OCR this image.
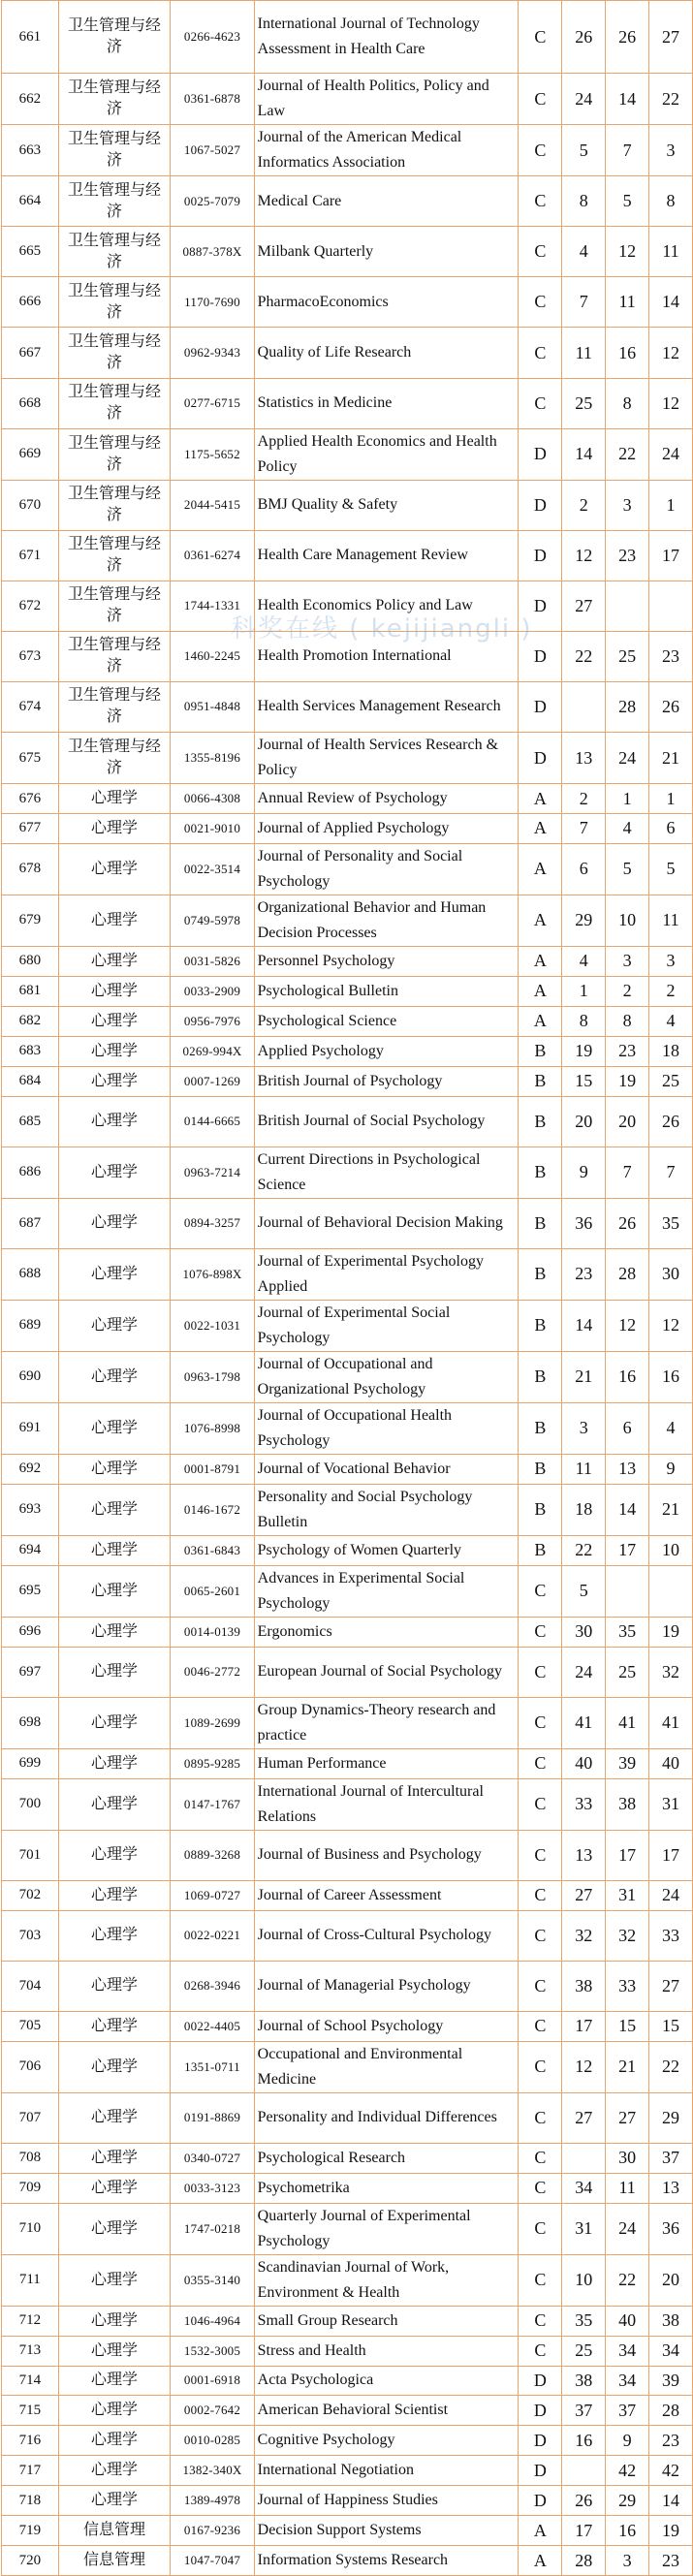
661	卫生管理与经济	0266-4623	International Journal of Technology Assessment in Health Care	C	26	26	27
662	卫生管理与经济	0361-6878	Journal of Health Politics, Policy and Law	C	24	14	22
663	卫生管理与经济	1067-5027	Journal of the American Medical Informatics Association	C	5	7	3
664	卫生管理与经济	0025-7079	Medical Care	C	8	5	8
665	卫生管理与经济	0887-378X	Milbank Quarterly	C	4	12	11
666	卫生管理与经济	1170-7690	PharmacoEconomics	C	7	11	14
667	卫生管理与经济	0962-9343	Quality of Life Research	C	11	16	12
668	卫生管理与经济	0277-6715	Statistics in Medicine	C	25	8	12
669	卫生管理与经济	1175-5652	Applied Health Economics and Health Policy	D	14	22	24
670	卫生管理与经济	2044-5415	BMJ Quality & Safety	D	2	3	1
671	卫生管理与经济	0361-6274	Health Care Management Review	D	12	23	17
672	卫生管理与经济	1744-1331	Health Economics Policy and Law	D	27		
673	卫生管理与经济	1460-2245	Health Promotion International	D	22	25	23
674	卫生管理与经济	0951-4848	Health Services Management Research	D		28	26
675	卫生管理与经济	1355-8196	Journal of Health Services Research & Policy	D	13	24	21
676	心理学	0066-4308	Annual Review of Psychology	A	2	1	1
677	心理学	0021-9010	Journal of Applied Psychology	A	7	4	6
678	心理学	0022-3514	Journal of Personality and Social Psychology	A	6	5	5
679	心理学	0749-5978	Organizational Behavior and Human Decision Processes	A	29	10	11
680	心理学	0031-5826	Personnel Psychology	A	4	3	3
681	心理学	0033-2909	Psychological Bulletin	A	1	2	2
682	心理学	0956-7976	Psychological Science	A	8	8	4
683	心理学	0269-994X	Applied Psychology	B	19	23	18
684	心理学	0007-1269	British Journal of Psychology	B	15	19	25
685	心理学	0144-6665	British Journal of Social Psychology	B	20	20	26
686	心理学	0963-7214	Current Directions in Psychological Science	B	9	7	7
687	心理学	0894-3257	Journal of Behavioral Decision Making	B	36	26	35
688	心理学	1076-898X	Journal of Experimental Psychology Applied	B	23	28	30
689	心理学	0022-1031	Journal of Experimental Social Psychology	B	14	12	12
690	心理学	0963-1798	Journal of Occupational and Organizational Psychology	B	21	16	16
691	心理学	1076-8998	Journal of Occupational Health Psychology	B	3	6	4
692	心理学	0001-8791	Journal of Vocational Behavior	B	11	13	9
693	心理学	0146-1672	Personality and Social Psychology Bulletin	B	18	14	21
694	心理学	0361-6843	Psychology of Women Quarterly	B	22	17	10
695	心理学	0065-2601	Advances in Experimental Social Psychology	C	5		
696	心理学	0014-0139	Ergonomics	C	30	35	19
697	心理学	0046-2772	European Journal of Social Psychology	C	24	25	32
698	心理学	1089-2699	Group Dynamics-Theory research and practice	C	41	41	41
699	心理学	0895-9285	Human Performance	C	40	39	40
700	心理学	0147-1767	International Journal of Intercultural Relations	C	33	38	31
701	心理学	0889-3268	Journal of Business and Psychology	C	13	17	17
702	心理学	1069-0727	Journal of Career Assessment	C	27	31	24
703	心理学	0022-0221	Journal of Cross-Cultural Psychology	C	32	32	33
704	心理学	0268-3946	Journal of Managerial Psychology	C	38	33	27
705	心理学	0022-4405	Journal of School Psychology	C	17	15	15
706	心理学	1351-0711	Occupational and Environmental Medicine	C	12	21	22
707	心理学	0191-8869	Personality and Individual Differences	C	27	27	29
708	心理学	0340-0727	Psychological Research	C		30	37
709	心理学	0033-3123	Psychometrika	C	34	11	13
710	心理学	1747-0218	Quarterly Journal of Experimental Psychology	C	31	24	36
711	心理学	0355-3140	Scandinavian Journal of Work, Environment & Health	C	10	22	20
712	心理学	1046-4964	Small Group Research	C	35	40	38
713	心理学	1532-3005	Stress and Health	C	25	34	34
714	心理学	0001-6918	Acta Psychologica	D	38	34	39
715	心理学	0002-7642	American Behavioral Scientist	D	37	37	28
716	心理学	0010-0285	Cognitive Psychology	D	16	9	23
717	心理学	1382-340X	International Negotiation	D		42	42
718	心理学	1389-4978	Journal of Happiness Studies	D	26	29	14
719	信息管理	0167-9236	Decision Support Systems	A	17	16	19
720	信息管理	1047-7047	Information Systems Research	A	28	3	23
科奖在线 ( kejijiangli )
